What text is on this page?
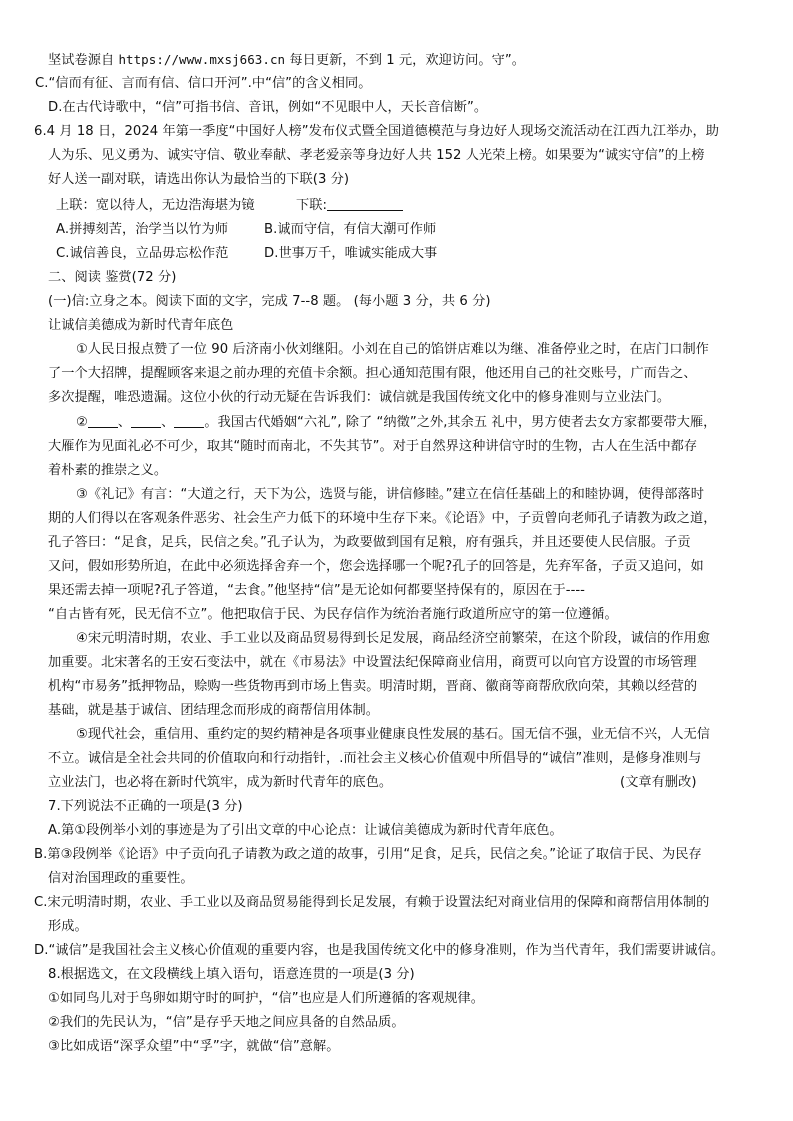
坚试卷源自 https://www.mxsj663.cn 每日更新，不到 1 元，欢迎访问。守”。
C.“信而有征、言而有信、信口开河”.中“信”的含义相同。
D.在古代诗歌中，“信”可指书信、音讯，例如“不见眼中人，天长音信断”。
6.4 月 18 日，2024 年第一季度“中国好人榜”发布仪式暨全国道德模范与身边好人现场交流活动在江西九江举办，助
人为乐、见义勇为、诚实守信、敬业奉献、孝老爱亲等身边好人共 152 人光荣上榜。如果要为“诚实守信”的上榜
好人送一副对联，请选出你认为最恰当的下联(3 分)
上联：宽以待人，无边浩海堪为镜	下联:
A.拼搏刻苦，治学当以竹为师	B.诚而守信，有信大潮可作师
C.诚信善良，立品毋忘松作范	D.世事万千，唯诚实能成大事
二、阅读 鉴赏(72 分)
(一)信:立身之本。阅读下面的文字，完成 7--8 题。 (每小题 3 分，共 6 分)
让诚信美德成为新时代青年底色
①人民日报点赞了一位 90 后济南小伙刘继阳。小刘在自己的馅饼店难以为继、准备停业之时，在店门口制作
了一个大招牌，提醒顾客来退之前办理的充值卡余额。担心通知范围有限，他还用自己的社交账号，广而告之、
多次提醒，唯恐遗漏。这位小伙的行动无疑在告诉我们：诚信就是我国传统文化中的修身准则与立业法门。
② 、 、 。我国古代婚姻“六礼”, 除了 “纳徵”之外,其余五 礼中，男方使者去女方家都要带大雁，
大雁作为见面礼必不可少，取其“随时而南北，不失其节”。对于自然界这种讲信守时的生物，古人在生活中都存
着朴素的推崇之义。
③《礼记》有言：“大道之行，天下为公，选贤与能，讲信修睦。”建立在信任基础上的和睦协调，使得部落时
期的人们得以在客观条件恶劣、社会生产力低下的环境中生存下来。《论语》中，子贡曾向老师孔子请教为政之道，
孔子答曰：“足食，足兵，民信之矣。”孔子认为，为政要做到国有足粮，府有强兵，并且还要使人民信服。子贡
又问，假如形势所迫，在此中必须选择舍弃一个，您会选择哪一个呢?孔子的回答是，先弃军备，子贡又追问，如
果还需去掉一项呢?孔子答道，“去食。”他坚持“信”是无论如何都要坚持保有的，原因在于----
“自古皆有死，民无信不立”。他把取信于民、为民存信作为统治者施行政道所应守的第一位遵循。
④宋元明清时期，农业、手工业以及商品贸易得到长足发展，商品经济空前繁荣，在这个阶段，诚信的作用愈
加重要。北宋著名的王安石变法中，就在《市易法》中设置法纪保障商业信用，商贾可以向官方设置的市场管理
机构“市易务”抵押物品，赊购一些货物再到市场上售卖。明清时期，晋商、徽商等商帮欣欣向荣，其赖以经营的
基础，就是基于诚信、团结理念而形成的商帮信用体制。
⑤现代社会，重信用、重约定的契约精神是各项事业健康良性发展的基石。国无信不强，业无信不兴，人无信
不立。诚信是全社会共同的价值取向和行动指针，.而社会主义核心价值观中所倡导的“诚信”准则，是修身准则与
立业法门，也必将在新时代筑牢，成为新时代青年的底色。	(文章有删改)
7.下列说法不正确的一项是(3 分)
A.第①段例举小刘的事迹是为了引出文章的中心论点：让诚信美德成为新时代青年底色。
B.第③段例举《论语》中子贡向孔子请教为政之道的故事，引用“足食，足兵，民信之矣。”论证了取信于民、为民存
信对治国理政的重要性。
C.宋元明清时期，农业、手工业以及商品贸易能得到长足发展，有赖于设置法纪对商业信用的保障和商帮信用体制的
形成。
D.“诚信”是我国社会主义核心价值观的重要内容，也是我国传统文化中的修身准则，作为当代青年，我们需要讲诚信。
8.根据选文，在文段横线上填入语句，语意连贯的一项是(3 分)
①如同鸟儿对于鸟卵如期守时的呵护，“信”也应是人们所遵循的客观规律。
②我们的先民认为，“信”是存乎天地之间应具备的自然品质。
③比如成语“深孚众望”中“孚”字，就做“信”意解。
